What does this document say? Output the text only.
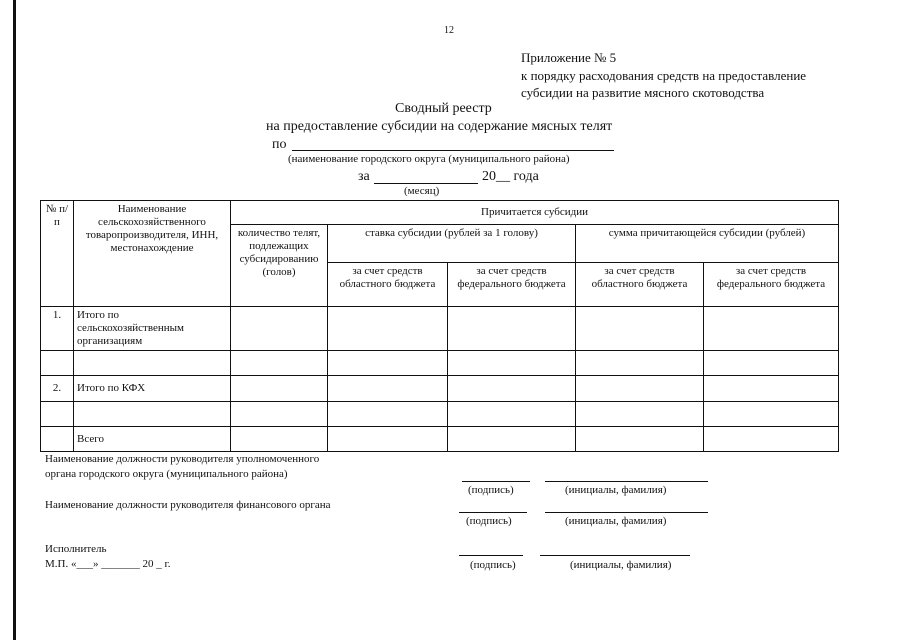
12
Приложение № 5
к порядку расходования средств на предоставление
субсидии на развитие мясного скотоводства
Сводный реестр
на предоставление субсидии на содержание мясных телят
по
(наименование городского округа (муниципального района)
за	20__ года
(месяц)
№ п/п	Наименование сельскохозяйственного товаропроизводителя, ИНН, местонахождение	Причитается субсидии				
		количество телят, подлежащих субсидированию (голов)	ставка субсидии (рублей за 1 голову)		сумма причитающейся субсидии (рублей)	
			за счет средств областного бюджета	за счет средств федерального бюджета	за счет средств областного бюджета	за счет средств федерального бюджета
1.	Итого по сельскохозяйственным организациям					

2.	Итого по КФХ					

	Всего					
Наименование должности руководителя уполномоченного
органа городского округа (муниципального района)
(подпись)	(инициалы, фамилия)
Наименование должности руководителя финансового органа
(подпись)	(инициалы, фамилия)
Исполнитель
М.П. «___» _______ 20 _ г.	(подпись)	(инициалы, фамилия)
